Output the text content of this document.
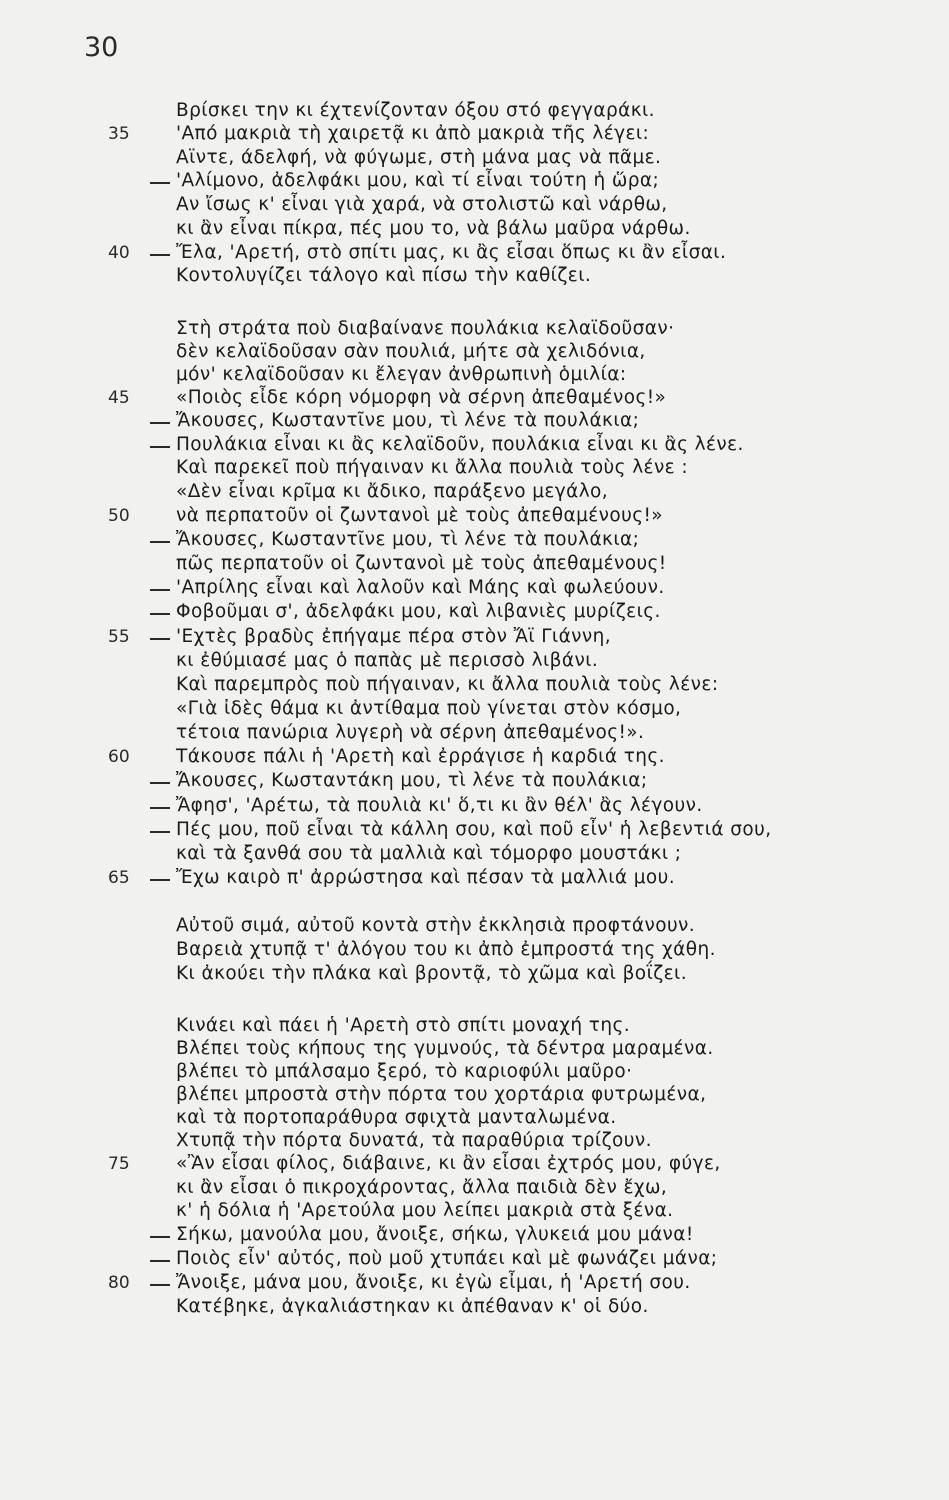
30
Βρίσκει την κι έχτενίζονταν όξου στό φεγγαράκι.
'Από μακριὰ τὴ χαιρετᾷ κι ἀπὸ μακριὰ τῆς λέγει:
35
Αϊντε, άδελφή, νὰ φύγωμε, στὴ μάνα μας νὰ πᾶμε.
'Αλίμονο, ἀδελφάκι μου, καὶ τί εἶναι τούτη ἡ ὥρα;
Αν ἴσως κ' εἶναι γιὰ χαρά, νὰ στολιστῶ καὶ νάρθω,
κι ἂν εἶναι πίκρα, πές μου το, νὰ βάλω μαῦρα νάρθω.
Ἔλα, 'Αρετή, στὸ σπίτι μας, κι ἂς εἶσαι ὅπως κι ἂν εἶσαι.
40
Κοντολυγίζει τάλογο καὶ πίσω τὴν καθίζει.
Στὴ στράτα ποὺ διαβαίνανε πουλάκια κελαϊδοῦσαν·
δὲν κελαϊδοῦσαν σὰν πουλιά, μήτε σὰ χελιδόνια,
μόν' κελαϊδοῦσαν κι ἔλεγαν ἀνθρωπινὴ ὁμιλία:
«Ποιὸς εἶδε κόρη νόμορφη νὰ σέρνη ἀπεθαμένος!»
45
Ἄκουσες, Κωσταντῖνε μου, τὶ λένε τὰ πουλάκια;
Πουλάκια εἶναι κι ἂς κελαϊδοῦν, πουλάκια εἶναι κι ἂς λένε.
Καὶ παρεκεῖ ποὺ πήγαιναν κι ἄλλα πουλιὰ τοὺς λένε :
«Δὲν εἶναι κρῖμα κι ἄδικο, παράξενο μεγάλο,
νὰ περπατοῦν οἱ ζωντανοὶ μὲ τοὺς ἀπεθαμένους!»
50
Ἄκουσες, Κωσταντῖνε μου, τὶ λένε τὰ πουλάκια;
πῶς περπατοῦν οἱ ζωντανοὶ μὲ τοὺς ἀπεθαμένους!
'Απρίλης εἶναι καὶ λαλοῦν καὶ Μάης καὶ φωλεύουν.
Φοβοῦμαι σ', ἀδελφάκι μου, καὶ λιβανιὲς μυρίζεις.
'Εχτὲς βραδὺς ἐπήγαμε πέρα στὸν Ἄϊ Γιάννη,
55
κι ἐθύμιασέ μας ὁ παπὰς μὲ περισσὸ λιβάνι.
Καὶ παρεμπρὸς ποὺ πήγαιναν, κι ἄλλα πουλιὰ τοὺς λένε:
«Γιὰ ἰδὲς θάμα κι ἀντίθαμα ποὺ γίνεται στὸν κόσμο,
τέτοια πανώρια λυγερὴ νὰ σέρνη ἀπεθαμένος!».
Τάκουσε πάλι ἡ 'Αρετὴ καὶ ἐρράγισε ἡ καρδιά της.
60
Ἄκουσες, Κωσταντάκη μου, τὶ λένε τὰ πουλάκια;
Ἄφησ', 'Αρέτω, τὰ πουλιὰ κι' ὅ,τι κι ἂν θέλ' ἂς λέγουν.
Πές μου, ποῦ εἶναι τὰ κάλλη σου, καὶ ποῦ εἶν' ἡ λεβεντιά σου,
καὶ τὰ ξανθά σου τὰ μαλλιὰ καὶ τόμορφο μουστάκι ;
Ἔχω καιρὸ π' ἀρρώστησα καὶ πέσαν τὰ μαλλιά μου.
65
Αὐτοῦ σιμά, αὐτοῦ κοντὰ στὴν ἐκκλησιὰ προφτάνουν.
Βαρειὰ χτυπᾷ τ' ἀλόγου του κι ἀπὸ ἐμπροστά της χάθη.
Κι ἀκούει τὴν πλάκα καὶ βροντᾷ, τὸ χῶμα καὶ βοΐζει.
Κινάει καὶ πάει ἡ 'Αρετὴ στὸ σπίτι μοναχή της.
Βλέπει τοὺς κήπους της γυμνούς, τὰ δέντρα μαραμένα.
βλέπει τὸ μπάλσαμο ξερό, τὸ καριοφύλι μαῦρο·
βλέπει μπροστὰ στὴν πόρτα του χορτάρια φυτρωμένα,
καὶ τὰ πορτοπαράθυρα σφιχτὰ μανταλωμένα.
Χτυπᾷ τὴν πόρτα δυνατά, τὰ παραθύρια τρίζουν.
«Ἂν εἶσαι φίλος, διάβαινε, κι ἂν εἶσαι ἐχτρός μου, φύγε,
75
κι ἂν εἶσαι ὁ πικροχάροντας, ἄλλα παιδιὰ δὲν ἔχω,
κ' ἡ δόλια ἡ 'Αρετούλα μου λείπει μακριὰ στὰ ξένα.
Σήκω, μανούλα μου, ἄνοιξε, σήκω, γλυκειά μου μάνα!
Ποιὸς εἶν' αὐτός, ποὺ μοῦ χτυπάει καὶ μὲ φωνάζει μάνα;
Ἄνοιξε, μάνα μου, ἄνοιξε, κι ἐγὼ εἶμαι, ἡ 'Αρετή σου.
80
Κατέβηκε, ἀγκαλιάστηκαν κι ἀπέθαναν κ' οἱ δύο.
